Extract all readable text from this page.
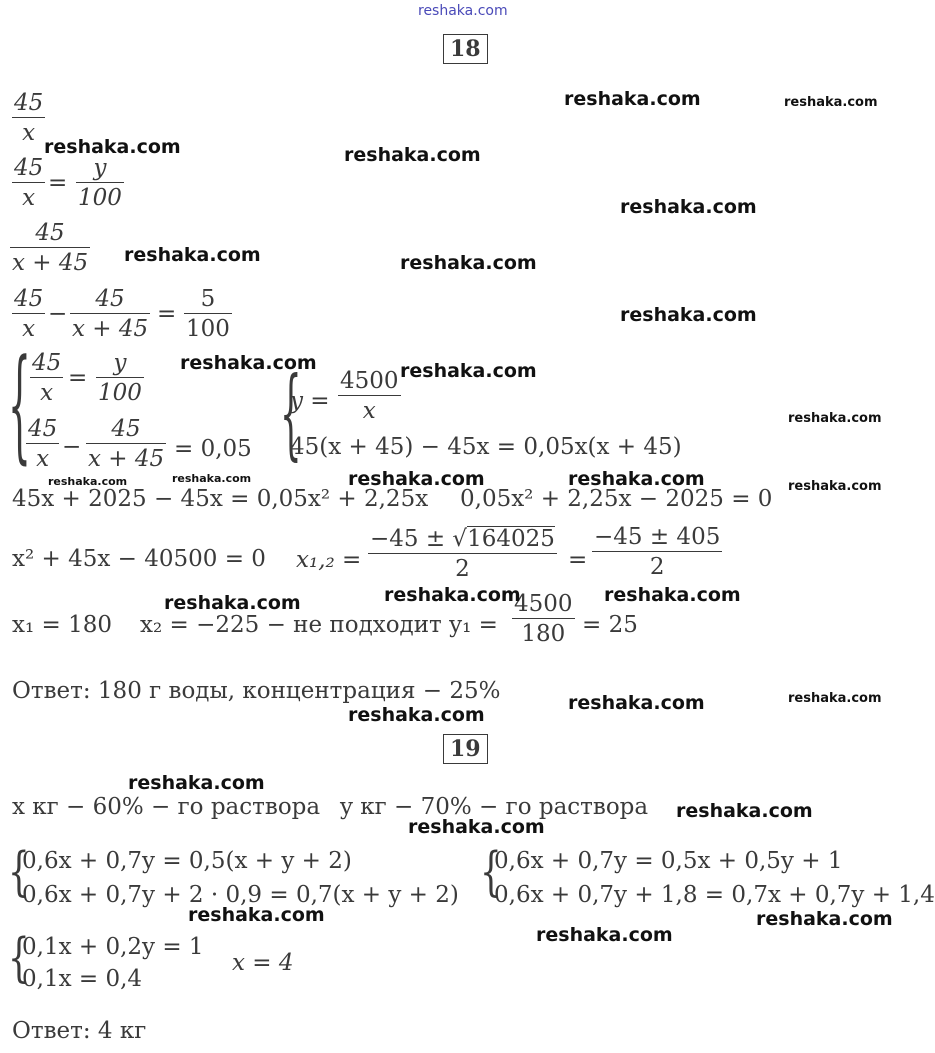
reshaka.com
18
$\frac{45}{x}$
$\frac{45}{x} = \frac{y}{100}$
$\frac{45}{x + 45}$
$\frac{45}{x} - \frac{45}{x + 45} = \frac{5}{100}$
{ $\frac{45}{x} = \frac{y}{100}$
$\frac{45}{x} - \frac{45}{x + 45} = 0,05$ {
$y = \frac{4500}{x}$
45(x + 45) − 45x = 0,05x(x + 45)
45x + 2025 − 45x = 0,05x² + 2,25x 0,05x² + 2,25x − 2025 = 0
x² + 45x − 40500 = 0 $x_1,_2 = \frac{-45 \pm √164025}{2} = \frac{-45 \pm 405}{2}$
x₁ = 180 x₂ = −225 − не подходит $y_1 = \frac{4500}{180} = 25$
Ответ: 180 г воды, концентрация − 25%
19
x кг − 60% − го раствора y кг − 70% − го раствора
{
0,6x + 0,7y = 0,5(x + y + 2)
0,6x + 0,7y + 2 · 0,9 = 0,7(x + y + 2) {
0,6x + 0,7y = 0,5x + 0,5y + 1
0,6x + 0,7y + 1,8 = 0,7x + 0,7y + 1,4
{
0,1x + 0,2y = 1
0,1x = 0,4
x = 4
Ответ: 4 кг
reshaka.com	reshaka.com
reshaka.com	reshaka.com
reshaka.com
reshaka.com	reshaka.com
reshaka.com
reshaka.com	reshaka.com
reshaka.com
reshaka.com	reshaka.com	reshaka.com	reshaka.com
reshaka.com
reshaka.com	reshaka.com	reshaka.com
reshaka.com	reshaka.com
reshaka.com
reshaka.com
reshaka.com
reshaka.com
reshaka.com	reshaka.com
reshaka.com
